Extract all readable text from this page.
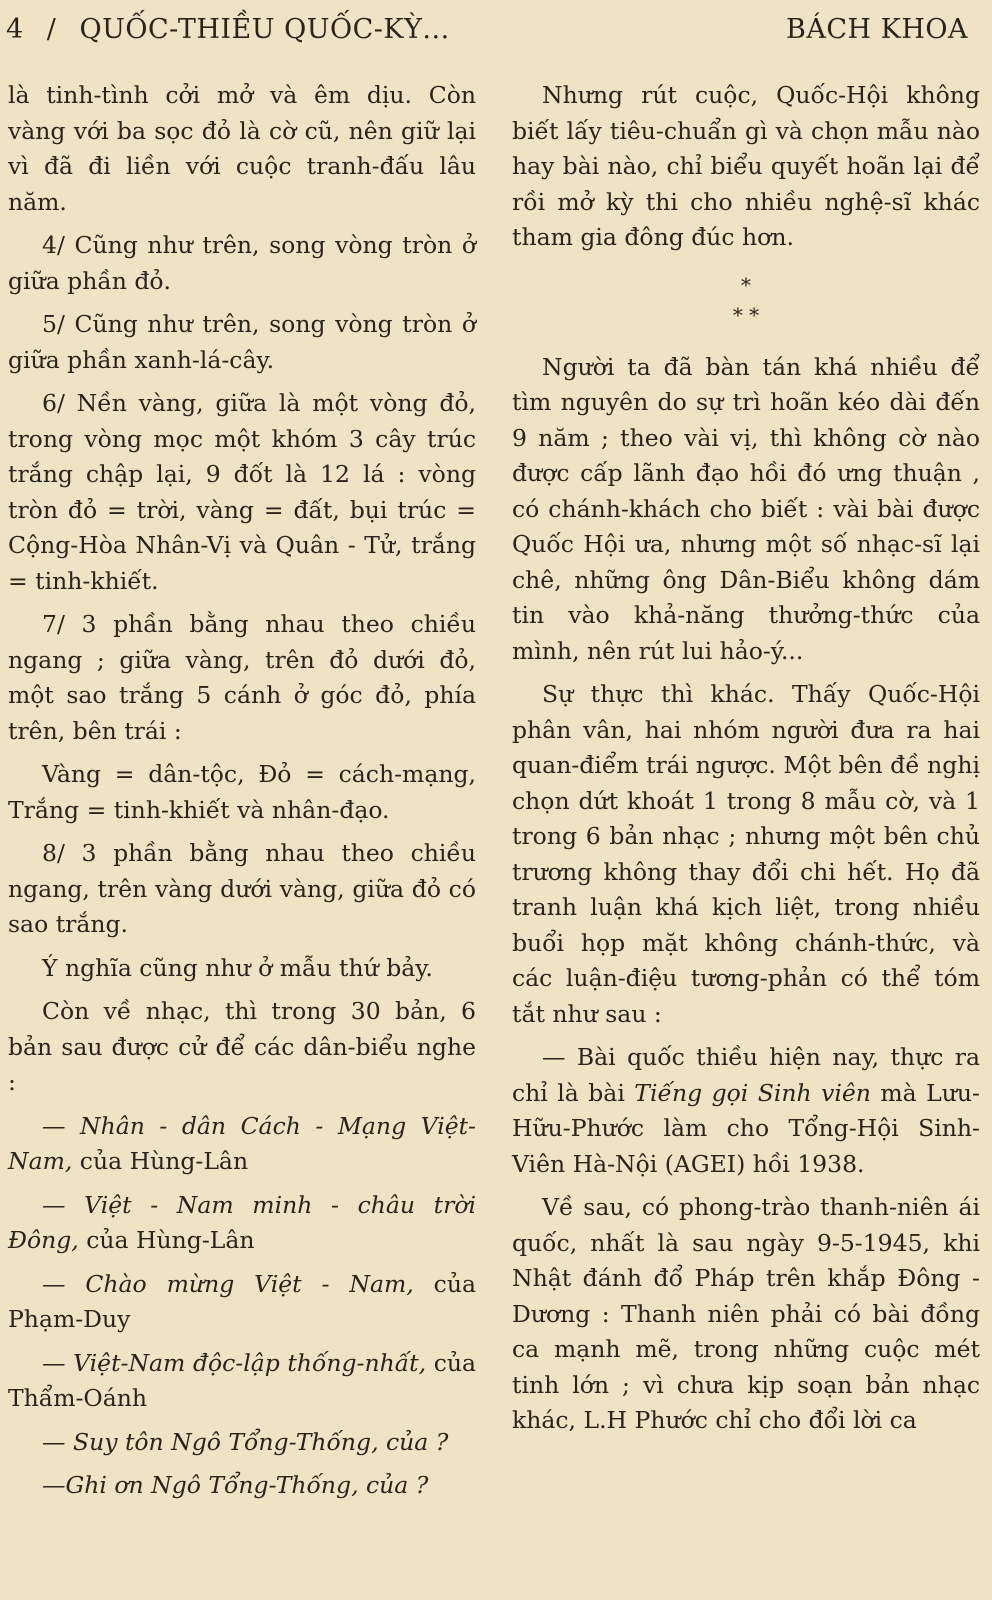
4 / QUỐC-THIỀU QUỐC-KỲ...	BÁCH KHOA

là tinh-tình cởi mở và êm dịu. Còn vàng với ba sọc đỏ là cờ cũ, nên giữ lại vì đã đi liền với cuộc tranh-đấu lâu năm.

4/ Cũng như trên, song vòng tròn ở giữa phần đỏ.

5/ Cũng như trên, song vòng tròn ở giữa phần xanh-lá-cây.

6/ Nền vàng, giữa là một vòng đỏ, trong vòng mọc một khóm 3 cây trúc trắng chập lại, 9 đốt là 12 lá : vòng tròn đỏ = trời, vàng = đất, bụi trúc = Cộng-Hòa Nhân-Vị và Quân - Tử, trắng = tinh-khiết.

7/ 3 phần bằng nhau theo chiều ngang ; giữa vàng, trên đỏ dưới đỏ, một sao trắng 5 cánh ở góc đỏ, phía trên, bên trái :

Vàng = dân-tộc, Đỏ = cách-mạng, Trắng = tinh-khiết và nhân-đạo.

8/ 3 phần bằng nhau theo chiều ngang, trên vàng dưới vàng, giữa đỏ có sao trắng.

Ý nghĩa cũng như ở mẫu thứ bảy.

Còn về nhạc, thì trong 30 bản, 6 bản sau được cử để các dân-biểu nghe :

— Nhân - dân Cách - Mạng Việt-Nam, của Hùng-Lân

— Việt - Nam minh - châu trời Đông, của Hùng-Lân

— Chào mừng Việt - Nam, của Phạm-Duy

— Việt-Nam độc-lập thống-nhất, của Thẩm-Oánh

— Suy tôn Ngô Tổng-Thống, của ?

—Ghi ơn Ngô Tổng-Thống, của ?

Nhưng rút cuộc, Quốc-Hội không biết lấy tiêu-chuẩn gì và chọn mẫu nào hay bài nào, chỉ biểu quyết hoãn lại để rồi mở kỳ thi cho nhiều nghệ-sĩ khác tham gia đông đúc hơn.

*
* *

Người ta đã bàn tán khá nhiều để tìm nguyên do sự trì hoãn kéo dài đến 9 năm ; theo vài vị, thì không cờ nào được cấp lãnh đạo hồi đó ưng thuận , có chánh-khách cho biết : vài bài được Quốc Hội ưa, nhưng một số nhạc-sĩ lại chê, những ông Dân-Biểu không dám tin vào khả-năng thưởng-thức của mình, nên rút lui hảo-ý...

Sự thực thì khác. Thấy Quốc-Hội phân vân, hai nhóm người đưa ra hai quan-điểm trái ngược. Một bên đề nghị chọn dứt khoát 1 trong 8 mẫu cờ, và 1 trong 6 bản nhạc ; nhưng một bên chủ trương không thay đổi chi hết. Họ đã tranh luận khá kịch liệt, trong nhiều buổi họp mặt không chánh-thức, và các luận-điệu tương-phản có thể tóm tắt như sau :

— Bài quốc thiều hiện nay, thực ra chỉ là bài Tiếng gọi Sinh viên mà Lưu-Hữu-Phước làm cho Tổng-Hội Sinh-Viên Hà-Nội (AGEI) hồi 1938.

Về sau, có phong-trào thanh-niên ái quốc, nhất là sau ngày 9-5-1945, khi Nhật đánh đổ Pháp trên khắp Đông - Dương : Thanh niên phải có bài đồng ca mạnh mẽ, trong những cuộc mét tinh lớn ; vì chưa kịp soạn bản nhạc khác, L.H Phước chỉ cho đổi lời ca
